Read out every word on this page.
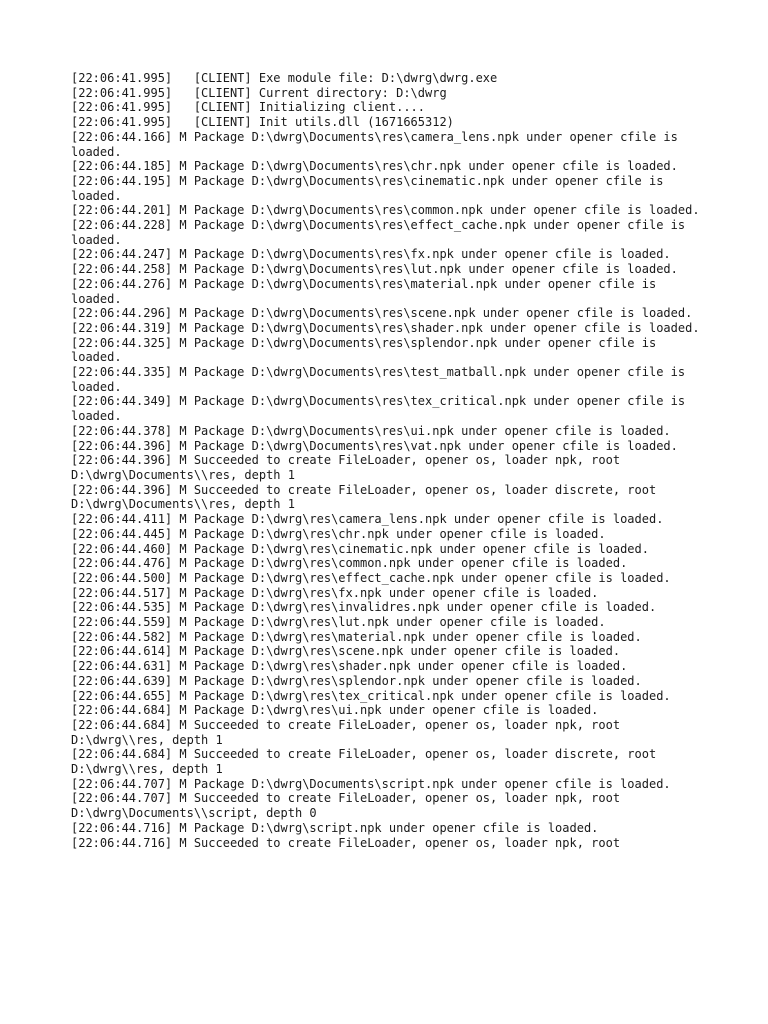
[22:06:41.995]   [CLIENT] Exe module file: D:\dwrg\dwrg.exe
[22:06:41.995]   [CLIENT] Current directory: D:\dwrg
[22:06:41.995]   [CLIENT] Initializing client....
[22:06:41.995]   [CLIENT] Init utils.dll (1671665312)
[22:06:44.166] M Package D:\dwrg\Documents\res\camera_lens.npk under opener cfile is loaded.
[22:06:44.185] M Package D:\dwrg\Documents\res\chr.npk under opener cfile is loaded.
[22:06:44.195] M Package D:\dwrg\Documents\res\cinematic.npk under opener cfile is loaded.
[22:06:44.201] M Package D:\dwrg\Documents\res\common.npk under opener cfile is loaded.
[22:06:44.228] M Package D:\dwrg\Documents\res\effect_cache.npk under opener cfile is loaded.
[22:06:44.247] M Package D:\dwrg\Documents\res\fx.npk under opener cfile is loaded.
[22:06:44.258] M Package D:\dwrg\Documents\res\lut.npk under opener cfile is loaded.
[22:06:44.276] M Package D:\dwrg\Documents\res\material.npk under opener cfile is loaded.
[22:06:44.296] M Package D:\dwrg\Documents\res\scene.npk under opener cfile is loaded.
[22:06:44.319] M Package D:\dwrg\Documents\res\shader.npk under opener cfile is loaded.
[22:06:44.325] M Package D:\dwrg\Documents\res\splendor.npk under opener cfile is loaded.
[22:06:44.335] M Package D:\dwrg\Documents\res\test_matball.npk under opener cfile is loaded.
[22:06:44.349] M Package D:\dwrg\Documents\res\tex_critical.npk under opener cfile is loaded.
[22:06:44.378] M Package D:\dwrg\Documents\res\ui.npk under opener cfile is loaded.
[22:06:44.396] M Package D:\dwrg\Documents\res\vat.npk under opener cfile is loaded.
[22:06:44.396] M Succeeded to create FileLoader, opener os, loader npk, root D:\dwrg\Documents\\res, depth 1
[22:06:44.396] M Succeeded to create FileLoader, opener os, loader discrete, root D:\dwrg\Documents\\res, depth 1
[22:06:44.411] M Package D:\dwrg\res\camera_lens.npk under opener cfile is loaded.
[22:06:44.445] M Package D:\dwrg\res\chr.npk under opener cfile is loaded.
[22:06:44.460] M Package D:\dwrg\res\cinematic.npk under opener cfile is loaded.
[22:06:44.476] M Package D:\dwrg\res\common.npk under opener cfile is loaded.
[22:06:44.500] M Package D:\dwrg\res\effect_cache.npk under opener cfile is loaded.
[22:06:44.517] M Package D:\dwrg\res\fx.npk under opener cfile is loaded.
[22:06:44.535] M Package D:\dwrg\res\invalidres.npk under opener cfile is loaded.
[22:06:44.559] M Package D:\dwrg\res\lut.npk under opener cfile is loaded.
[22:06:44.582] M Package D:\dwrg\res\material.npk under opener cfile is loaded.
[22:06:44.614] M Package D:\dwrg\res\scene.npk under opener cfile is loaded.
[22:06:44.631] M Package D:\dwrg\res\shader.npk under opener cfile is loaded.
[22:06:44.639] M Package D:\dwrg\res\splendor.npk under opener cfile is loaded.
[22:06:44.655] M Package D:\dwrg\res\tex_critical.npk under opener cfile is loaded.
[22:06:44.684] M Package D:\dwrg\res\ui.npk under opener cfile is loaded.
[22:06:44.684] M Succeeded to create FileLoader, opener os, loader npk, root D:\dwrg\\res, depth 1
[22:06:44.684] M Succeeded to create FileLoader, opener os, loader discrete, root D:\dwrg\\res, depth 1
[22:06:44.707] M Package D:\dwrg\Documents\script.npk under opener cfile is loaded.
[22:06:44.707] M Succeeded to create FileLoader, opener os, loader npk, root D:\dwrg\Documents\\script, depth 0
[22:06:44.716] M Package D:\dwrg\script.npk under opener cfile is loaded.
[22:06:44.716] M Succeeded to create FileLoader, opener os, loader npk, root
